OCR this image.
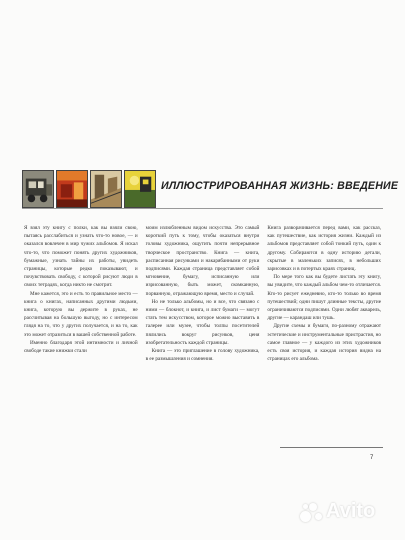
ИЛЛЮСТРИРОВАННАЯ ЖИЗНЬ: ВВЕДЕНИЕ

Я взял эту книгу с полки, как вы взяли свою, пытаясь расслабиться и узнать что-то новое, — и оказался вовлечен в мир чужих альбомов. Я искал что-то, что поможет понять других художников, бумажные, узнать тайны их работы, увидеть страницы, которые редко показывают, и почувствовать свободу, с которой рисуют люди в своих тетрадях, когда никто не смотрит.

Мне кажется, это и есть то правильное место — книга о книгах, написанных другими людьми, книга, которую вы держите в руках, не рассчитывая на большую выгоду, но с интересом глядя на то, что у других получается, и на то, как это может отразиться в вашей собственной работе.

Именно благодаря этой интимности и личной свободе такие книжки стали

моим излюбленным видом искусства. Это самый короткий путь к тому, чтобы оказаться внутри головы художника, ощутить почти непрерывное творческое пространство. Книга — книга, расписанная рисунками и накарябанными от руки подписями. Каждая страница представляет собой мгновение, бумагу, исписанную или изрисованную, быть может, скомканную, порванную, отражающую время, место и случай.

Но не только альбомы, но и все, что связано с ними — блокнот, и книга, и лист бумаги — могут стать тем искусством, которое можно выставить в галерее или музее, чтобы толпы посетителей пялились вокруг рисунков, ценя изобретательность каждой страницы.

Книга — это приглашение в голову художника, в ее размышления и сомнения.

Книга разворачивается перед вами, как рассказ, как путешествие, как история жизни. Каждый из альбомов представляет собой тонкий путь, один к другому. Собираются в одну историю детали, скрытые в маленьких записях, в небольших зарисовках и в потертых краях страниц.

По мере того как вы будете листать эту книгу, вы увидите, что каждый альбом чем-то отличается. Кто-то рисует ежедневно, кто-то только во время путешествий; одни пишут длинные тексты, другие ограничиваются подписями. Одни любят акварель, другие — карандаш или тушь.

Другие схемы и бумаги, по-разному отражают эстетические и инструментальные пристрастия, но самое главное — у каждого из этих художников есть своя история, и каждая история видна на страницах его альбома.

7
Avito
